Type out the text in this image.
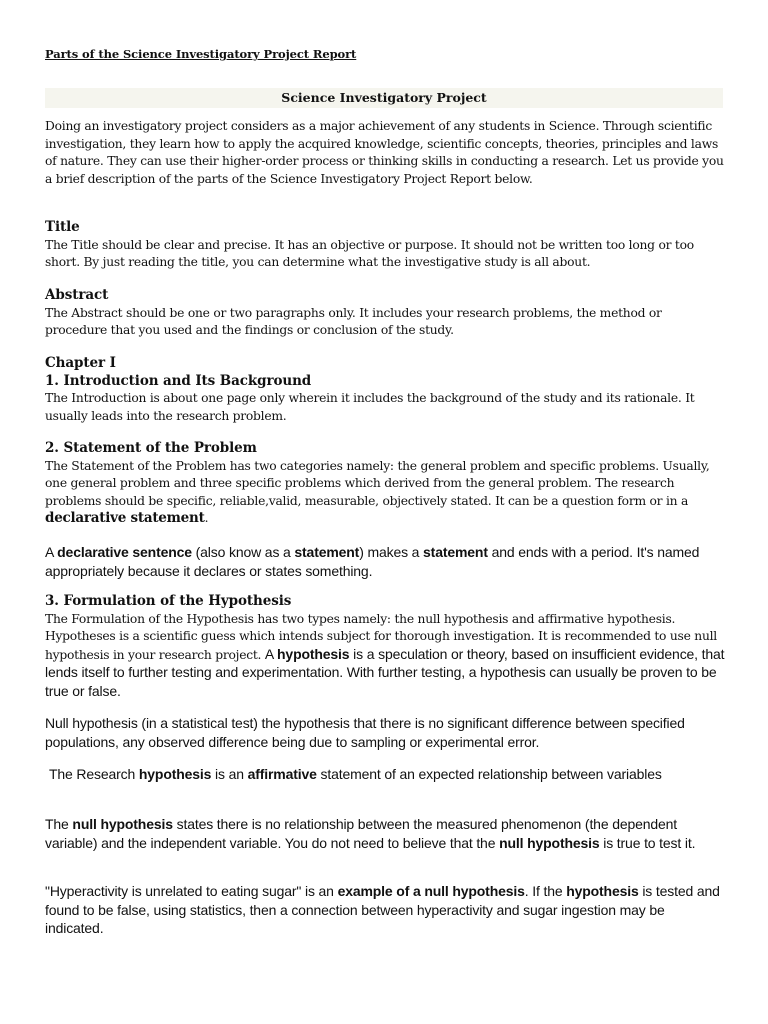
Parts of the Science Investigatory Project Report
Science Investigatory Project

Doing an investigatory project considers as a major achievement of any students in Science. Through scientific investigation, they learn how to apply the acquired knowledge, scientific concepts, theories, principles and laws of nature. They can use their higher-order process or thinking skills in conducting a research. Let us provide you a brief description of the parts of the Science Investigatory Project Report below.

Title

The Title should be clear and precise. It has an objective or purpose. It should not be written too long or too short. By just reading the title, you can determine what the investigative study is all about.

Abstract

The Abstract should be one or two paragraphs only. It includes your research problems, the method or procedure that you used and the findings or conclusion of the study.

Chapter I

1. Introduction and Its Background

The Introduction is about one page only wherein it includes the background of the study and its rationale. It usually leads into the research problem.

2. Statement of the Problem

The Statement of the Problem has two categories namely: the general problem and specific problems. Usually, one general problem and three specific problems which derived from the general problem. The research problems should be specific, reliable,valid, measurable, objectively stated. It can be a question form or in a declarative statement.

A declarative sentence (also know as a statement) makes a statement and ends with a period. It's named appropriately because it declares or states something.

3. Formulation of the Hypothesis

The Formulation of the Hypothesis has two types namely: the null hypothesis and affirmative hypothesis. Hypotheses is a scientific guess which intends subject for thorough investigation. It is recommended to use null hypothesis in your research project. A hypothesis is a speculation or theory, based on insufficient evidence, that lends itself to further testing and experimentation. With further testing, a hypothesis can usually be proven to be true or false.

Null hypothesis (in a statistical test) the hypothesis that there is no significant difference between specified populations, any observed difference being due to sampling or experimental error.

The Research hypothesis is an affirmative statement of an expected relationship between variables

The null hypothesis states there is no relationship between the measured phenomenon (the dependent variable) and the independent variable. You do not need to believe that the null hypothesis is true to test it.

"Hyperactivity is unrelated to eating sugar" is an example of a null hypothesis. If the hypothesis is tested and found to be false, using statistics, then a connection between hyperactivity and sugar ingestion may be indicated.
